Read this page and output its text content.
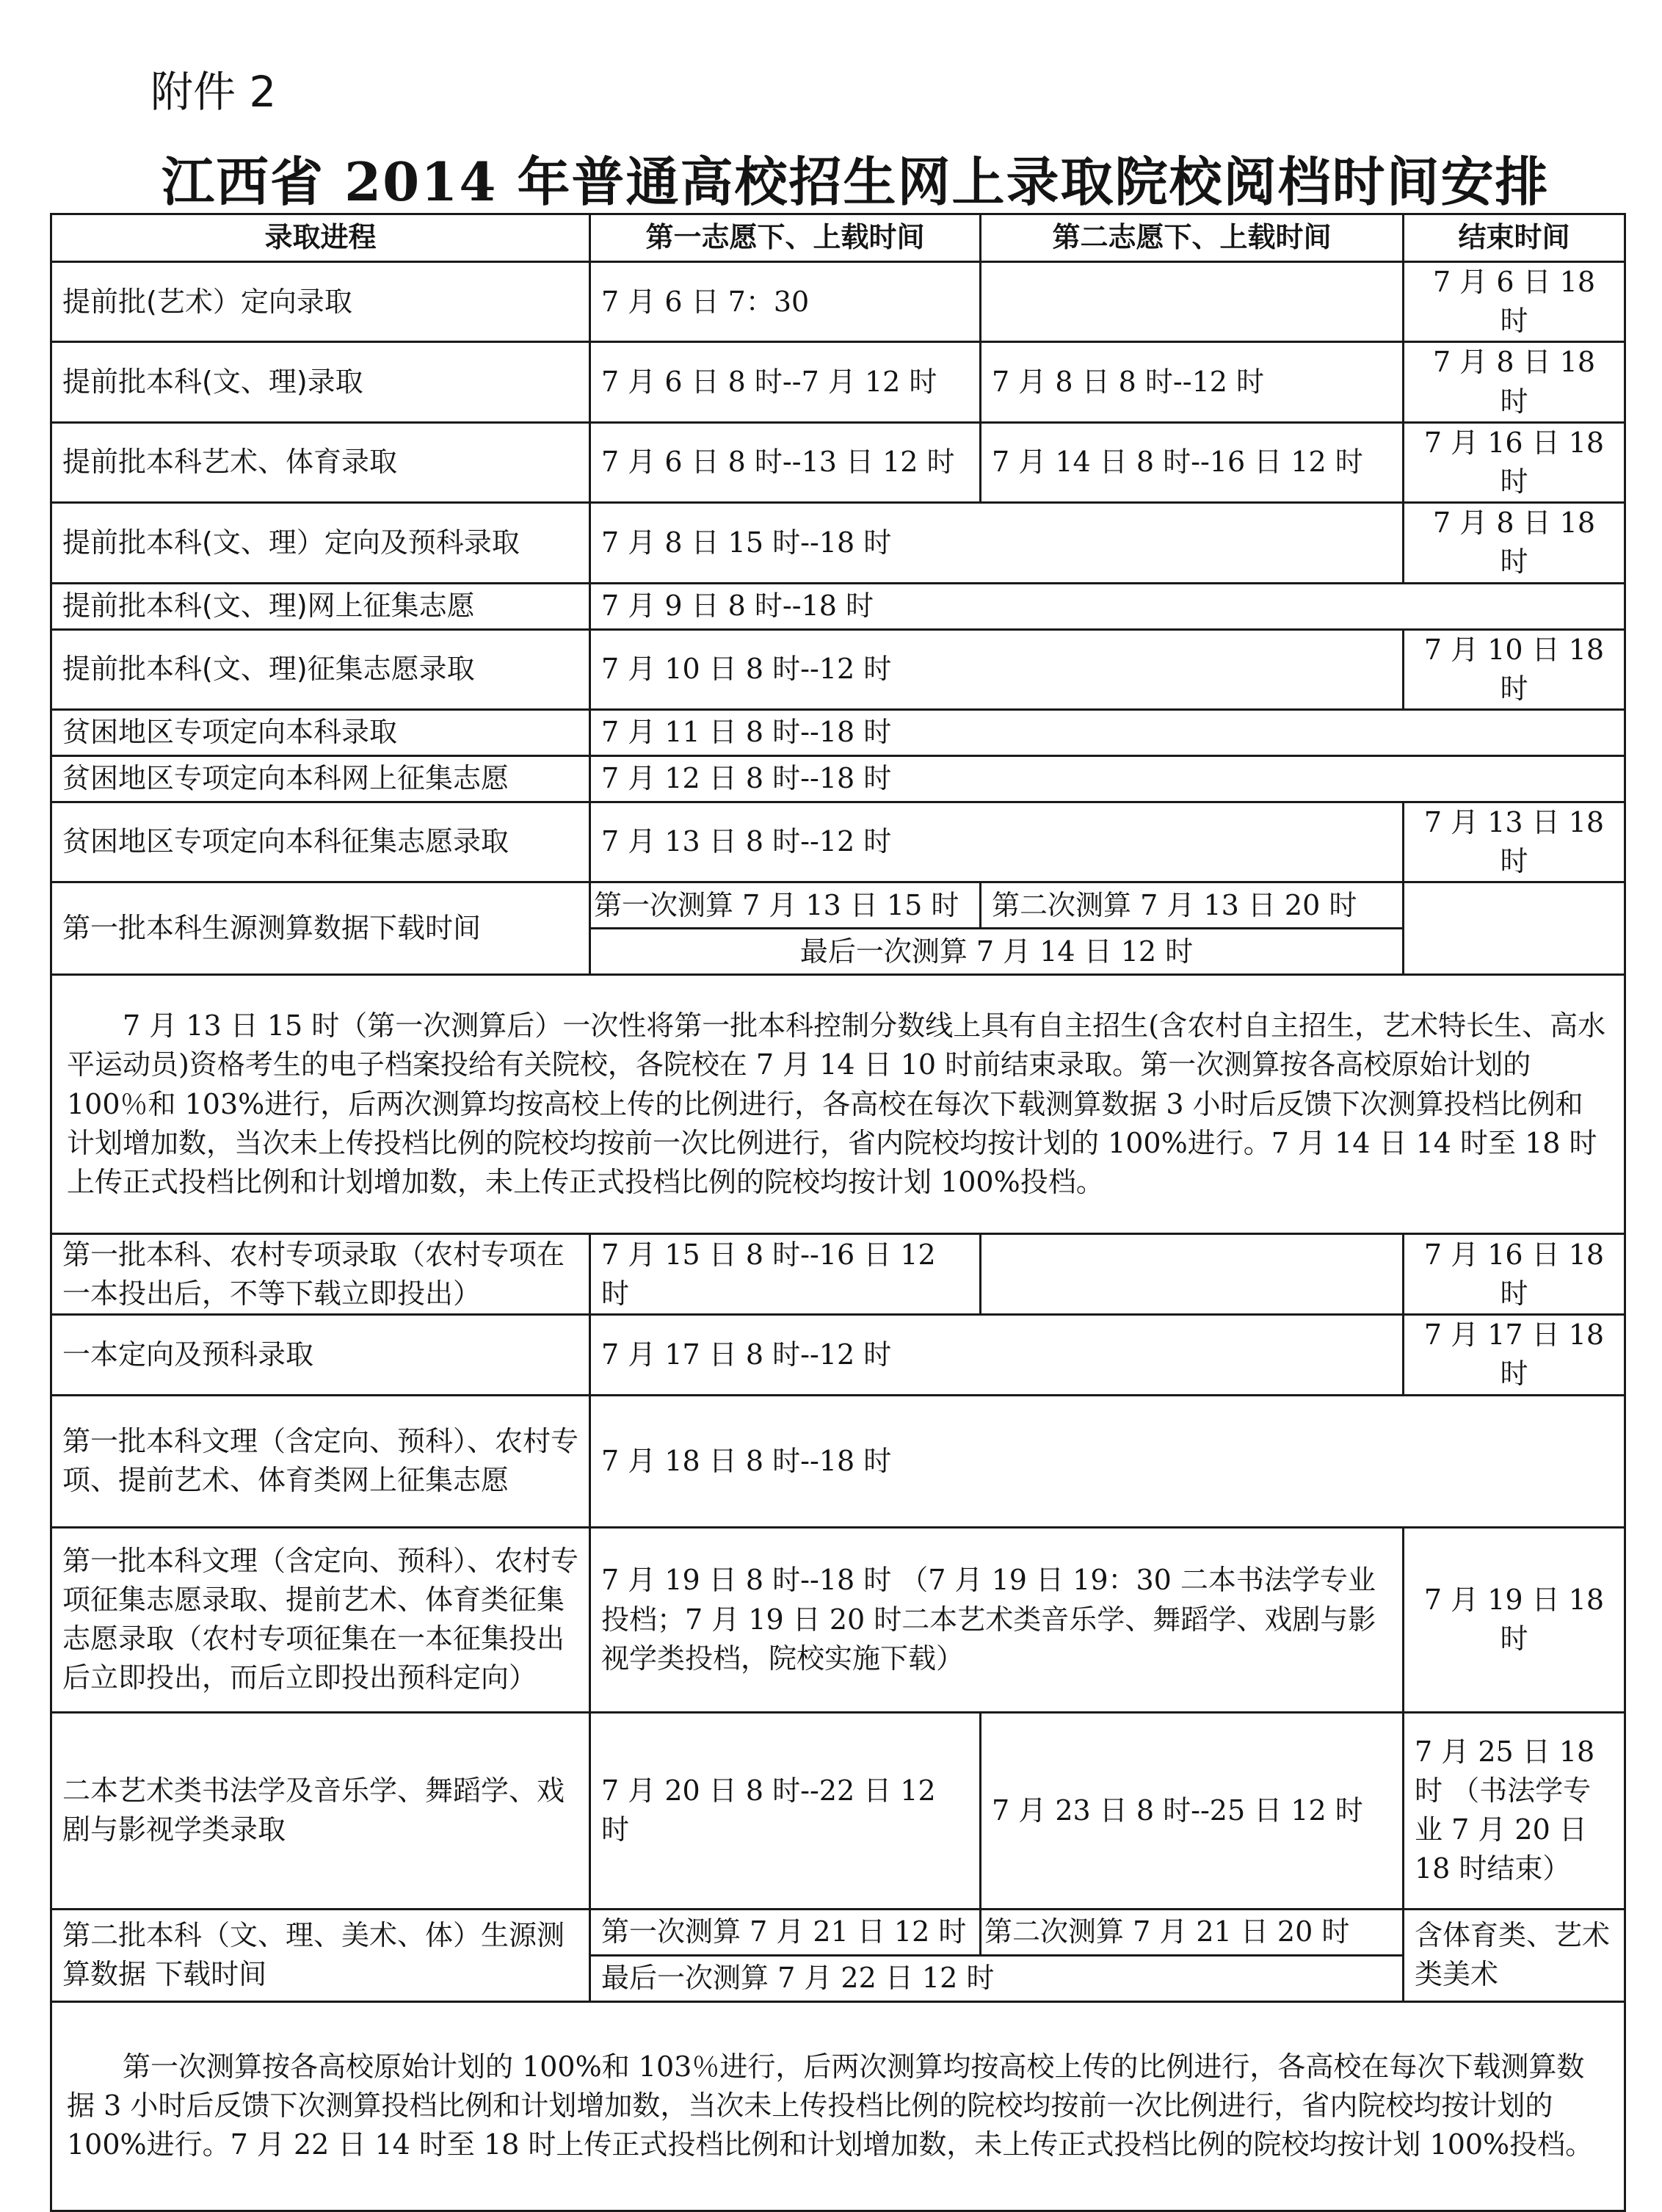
附件 2
江西省 2014 年普通高校招生网上录取院校阅档时间安排
录取进程	第一志愿下、上载时间	第二志愿下、上载时间	结束时间
提前批(艺术）定向录取	7 月 6 日 7：30		7 月 6 日 18 时
提前批本科(文、理)录取	7 月 6 日 8 时--7 月 12 时	7 月 8 日 8 时--12 时	7 月 8 日 18 时
提前批本科艺术、体育录取	7 月 6 日 8 时--13 日 12 时	7 月 14 日 8 时--16 日 12 时	7 月 16 日 18 时
提前批本科(文、理）定向及预科录取	7 月 8 日 15 时--18 时		7 月 8 日 18 时
提前批本科(文、理)网上征集志愿	7 月 9 日 8 时--18 时		
提前批本科(文、理)征集志愿录取	7 月 10 日 8 时--12 时		7 月 10 日 18 时
贫困地区专项定向本科录取	7 月 11 日 8 时--18 时		
贫困地区专项定向本科网上征集志愿	7 月 12 日 8 时--18 时		
贫困地区专项定向本科征集志愿录取	7 月 13 日 8 时--12 时		7 月 13 日 18 时
第一批本科生源测算数据下载时间	第一次测算 7 月 13 日 15 时	第二次测算 7 月 13 日 20 时	
	最后一次测算 7 月 14 日 12 时		
7 月 13 日 15 时（第一次测算后）一次性将第一批本科控制分数线上具有自主招生(含农村自主招生，艺术特长生、高水平运动员)资格考生的电子档案投给有关院校，各院校在 7 月 14 日 10 时前结束录取。第一次测算按各高校原始计划的 100％和 103%进行，后两次测算均按高校上传的比例进行，各高校在每次下载测算数据 3 小时后反馈下次测算投档比例和计划增加数，当次未上传投档比例的院校均按前一次比例进行，省内院校均按计划的 100%进行。7 月 14 日 14 时至 18 时上传正式投档比例和计划增加数，未上传正式投档比例的院校均按计划 100%投档。			
第一批本科、农村专项录取（农村专项在一本投出后，不等下载立即投出）	7 月 15 日 8 时--16 日 12 时		7 月 16 日 18 时
一本定向及预科录取	7 月 17 日 8 时--12 时		7 月 17 日 18 时
第一批本科文理（含定向、预科）、农村专项、提前艺术、体育类网上征集志愿	7 月 18 日 8 时--18 时		
第一批本科文理（含定向、预科）、农村专项征集志愿录取、提前艺术、体育类征集志愿录取（农村专项征集在一本征集投出后立即投出，而后立即投出预科定向）	7 月 19 日 8 时--18 时 （7 月 19 日 19：30 二本书法学专业投档；7 月 19 日 20 时二本艺术类音乐学、舞蹈学、戏剧与影视学类投档，院校实施下载）		7 月 19 日 18 时
二本艺术类书法学及音乐学、舞蹈学、戏剧与影视学类录取	7 月 20 日 8 时--22 日 12 时	7 月 23 日 8 时--25 日 12 时	7 月 25 日 18 时 （书法学专业 7 月 20 日 18 时结束）
第二批本科（文、理、美术、体）生源测算数据 下载时间	第一次测算 7 月 21 日 12 时	第二次测算 7 月 21 日 20 时	含体育类、艺术类美术
	最后一次测算 7 月 22 日 12 时		
第一次测算按各高校原始计划的 100%和 103％进行，后两次测算均按高校上传的比例进行，各高校在每次下载测算数据 3 小时后反馈下次测算投档比例和计划增加数，当次未上传投档比例的院校均按前一次比例进行，省内院校均按计划的 100%进行。7 月 22 日 14 时至 18 时上传正式投档比例和计划增加数，未上传正式投档比例的院校均按计划 100%投档。			
